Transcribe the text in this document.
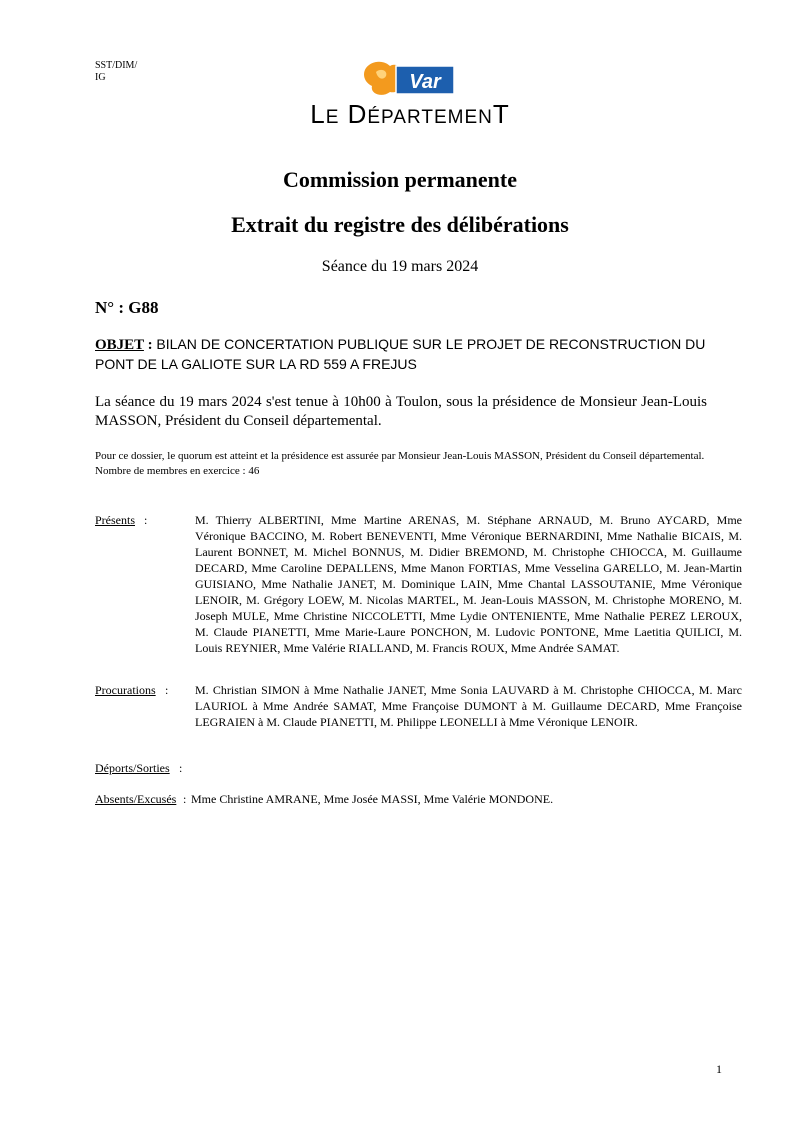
SST/DIM/
IG	Var
LE DÉPARTEMENT
Commission permanente
Extrait du registre des délibérations
Séance du 19 mars 2024
N° : G88
OBJET : BILAN DE CONCERTATION PUBLIQUE SUR LE PROJET DE RECONSTRUCTION DU PONT DE LA GALIOTE SUR LA RD 559 A FREJUS
La séance du 19 mars 2024 s'est tenue à 10h00 à Toulon, sous la présidence de Monsieur Jean-Louis MASSON, Président du Conseil départemental.
Pour ce dossier, le quorum est atteint et la présidence est assurée par Monsieur Jean-Louis MASSON, Président du Conseil départemental. Nombre de membres en exercice : 46
Présents :	M. Thierry ALBERTINI, Mme Martine ARENAS, M. Stéphane ARNAUD, M. Bruno AYCARD, Mme Véronique BACCINO, M. Robert BENEVENTI, Mme Véronique BERNARDINI, Mme Nathalie BICAIS, M. Laurent BONNET, M. Michel BONNUS, M. Didier BREMOND, M. Christophe CHIOCCA, M. Guillaume DECARD, Mme Caroline DEPALLENS, Mme Manon FORTIAS, Mme Vesselina GARELLO, M. Jean-Martin GUISIANO, Mme Nathalie JANET, M. Dominique LAIN, Mme Chantal LASSOUTANIE, Mme Véronique LENOIR, M. Grégory LOEW, M. Nicolas MARTEL, M. Jean-Louis MASSON, M. Christophe MORENO, M. Joseph MULE, Mme Christine NICCOLETTI, Mme Lydie ONTENIENTE, Mme Nathalie PEREZ LEROUX, M. Claude PIANETTI, Mme Marie-Laure PONCHON, M. Ludovic PONTONE, Mme Laetitia QUILICI, M. Louis REYNIER, Mme Valérie RIALLAND, M. Francis ROUX, Mme Andrée SAMAT.
Procurations : M. Christian SIMON à Mme Nathalie JANET, Mme Sonia LAUVARD à M. Christophe CHIOCCA, M. Marc LAURIOL à Mme Andrée SAMAT, Mme Françoise DUMONT à M. Guillaume DECARD, Mme Françoise LEGRAIEN à M. Claude PIANETTI, M. Philippe LEONELLI à Mme Véronique LENOIR.
Déports/Sorties :
Absents/Excusés : Mme Christine AMRANE, Mme Josée MASSI, Mme Valérie MONDONE.
1
